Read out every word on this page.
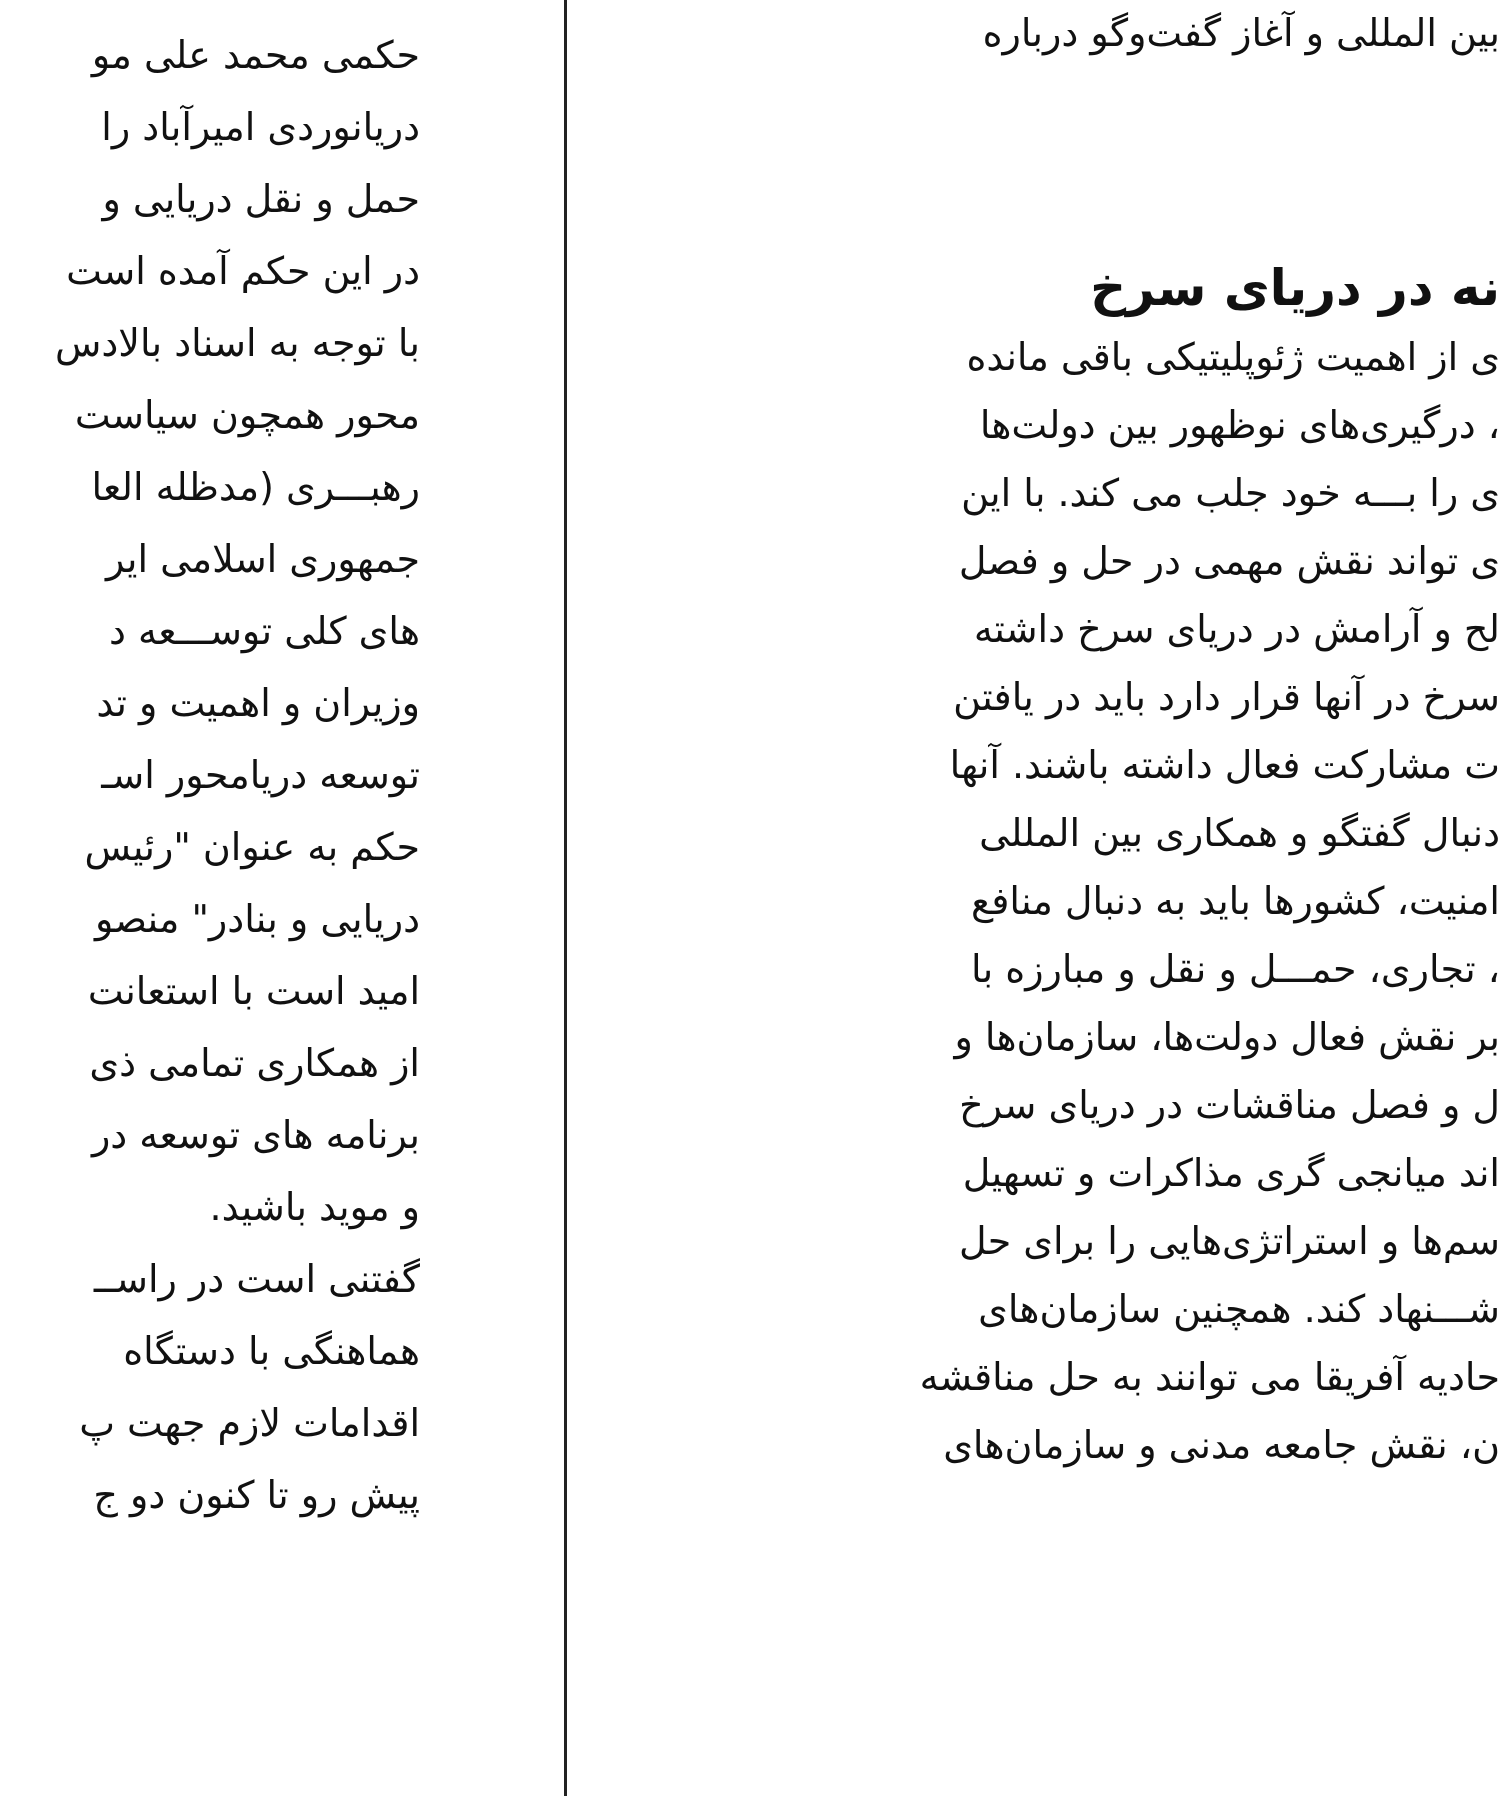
حکمی محمد علی مو
دریانوردی امیرآباد را
حمل و نقل دریایی و
در این حکم آمده است
با توجه به اسناد بالادس
محور همچون سیاست
رهبـــری (مدظله العا
جمهوری اسلامی ایر
های کلی توســـعه د
وزیران و اهمیت و تد
توسعه دریامحور اسـ
حکم به عنوان "رئیس
دریایی و بنادر" منصو
امید است با استعانت
از همکاری تمامی ذی
برنامه های توسعه در
و موید باشید.
گفتنی است در راســ
هماهنگی با دستگاه
اقدامات لازم جهت پ
پیش رو تا کنون دو ج
بین المللی و آغاز گفت‌وگو درباره
نه در دریای سرخ
ی از اهمیت ژئوپلیتیکی باقی مانده
، درگیری‌های نوظهور بین دولت‌ها
ی را بـــه خود جلب می کند. با این
ی تواند نقش مهمی در حل و فصل
لح و آرامش در دریای سرخ داشته
سرخ در آنها قرار دارد باید در یافتن
ت مشارکت فعال داشته باشند. آنها
دنبال گفتگو و همکاری بین المللی
امنیت، کشورها باید به دنبال منافع
، تجاری، حمـــل و نقل و مبارزه با
بر نقش فعال دولت‌ها، سازمان‌ها و
ل و فصل مناقشات در دریای سرخ
اند میانجی گری مذاکرات و تسهیل
سم‌ها و استراتژی‌هایی را برای حل
شـــنهاد کند. همچنین سازمان‌های
حادیه آفریقا می توانند به حل مناقشه
ن، نقش جامعه مدنی و سازمان‌های
